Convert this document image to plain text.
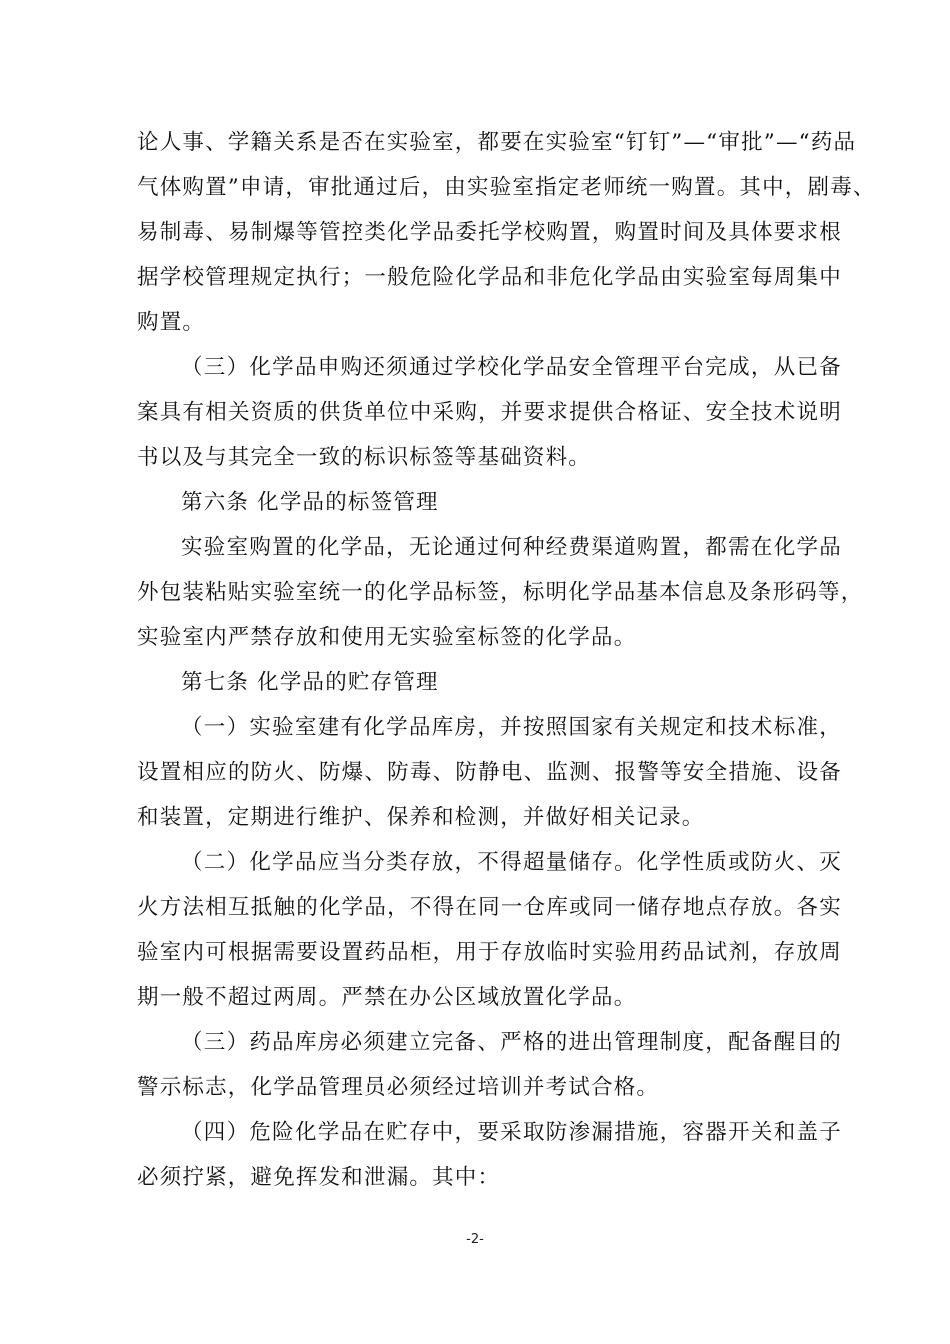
论人事、学籍关系是否在实验室，都要在实验室“钉钉”—“审批”—“药品
气体购置”申请，审批通过后，由实验室指定老师统一购置。其中，剧毒、
易制毒、易制爆等管控类化学品委托学校购置，购置时间及具体要求根
据学校管理规定执行；一般危险化学品和非危化学品由实验室每周集中
购置。
（三）化学品申购还须通过学校化学品安全管理平台完成，从已备
案具有相关资质的供货单位中采购，并要求提供合格证、安全技术说明
书以及与其完全一致的标识标签等基础资料。
第六条 化学品的标签管理
实验室购置的化学品，无论通过何种经费渠道购置，都需在化学品
外包装粘贴实验室统一的化学品标签，标明化学品基本信息及条形码等，
实验室内严禁存放和使用无实验室标签的化学品。
第七条 化学品的贮存管理
（一）实验室建有化学品库房，并按照国家有关规定和技术标准，
设置相应的防火、防爆、防毒、防静电、监测、报警等安全措施、设备
和装置，定期进行维护、保养和检测，并做好相关记录。
（二）化学品应当分类存放，不得超量储存。化学性质或防火、灭
火方法相互抵触的化学品，不得在同一仓库或同一储存地点存放。各实
验室内可根据需要设置药品柜，用于存放临时实验用药品试剂，存放周
期一般不超过两周。严禁在办公区域放置化学品。
（三）药品库房必须建立完备、严格的进出管理制度，配备醒目的
警示标志，化学品管理员必须经过培训并考试合格。
（四）危险化学品在贮存中，要采取防渗漏措施，容器开关和盖子
必须拧紧，避免挥发和泄漏。其中：
-2-
